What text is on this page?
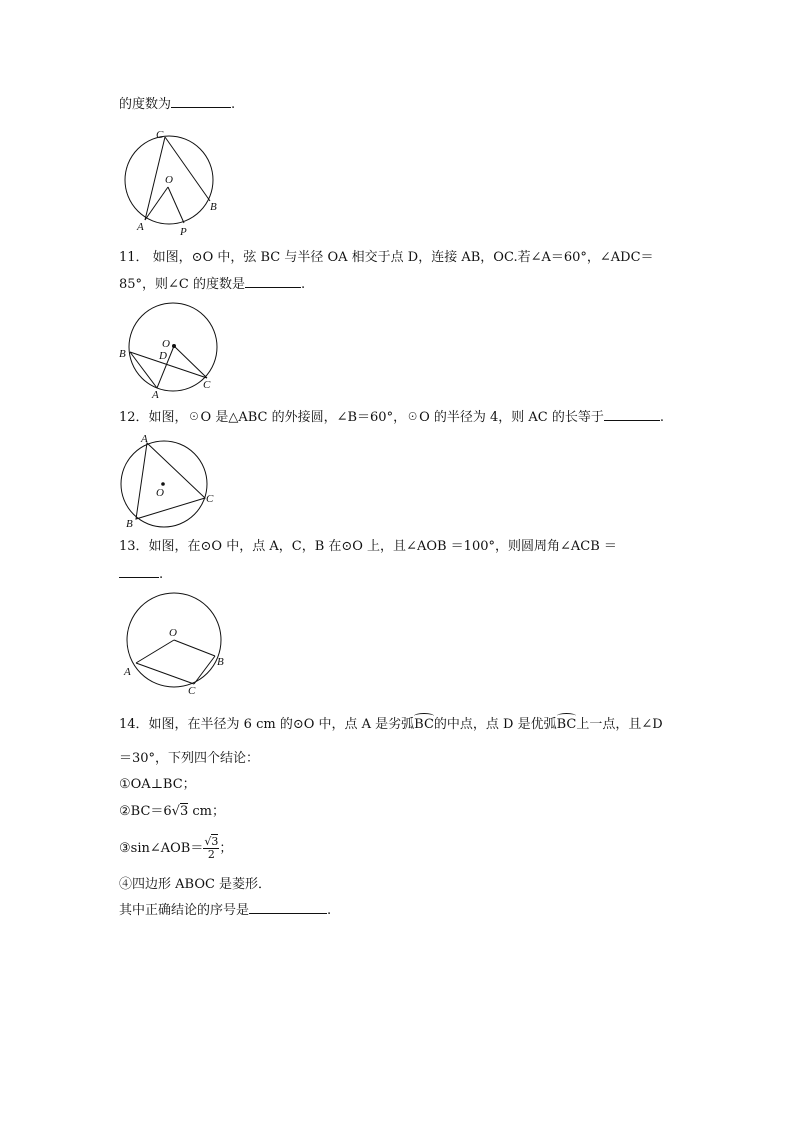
的度数为	.
C
O
B
A	P
11． 如图，⊙O 中，弦 BC 与半径 OA 相交于点 D，连接 AB，OC.若∠A＝60°，∠ADC＝
85°，则∠C 的度数是	.
O
D
B
A
C
12．如图，☉O 是△ABC 的外接圆，∠B＝60°，☉O 的半径为 4，则 AC 的长等于	.
A
O	C
B
13．如图，在⊙O 中，点 A，C，B 在⊙O 上，且∠AOB ＝100°，则圆周角∠ACB ＝
.
O
A
B
C
14．如图，在半径为 6 cm 的⊙O 中，点 A 是劣弧BC的中点，点 D 是优弧BC上一点，且∠D
＝30°，下列四个结论：
①OA⊥BC；
②BC＝6√3 cm；
③sin∠AOB＝ $\frac{√3}{2}$ ；
④四边形 ABOC 是菱形．
其中正确结论的序号是	.
